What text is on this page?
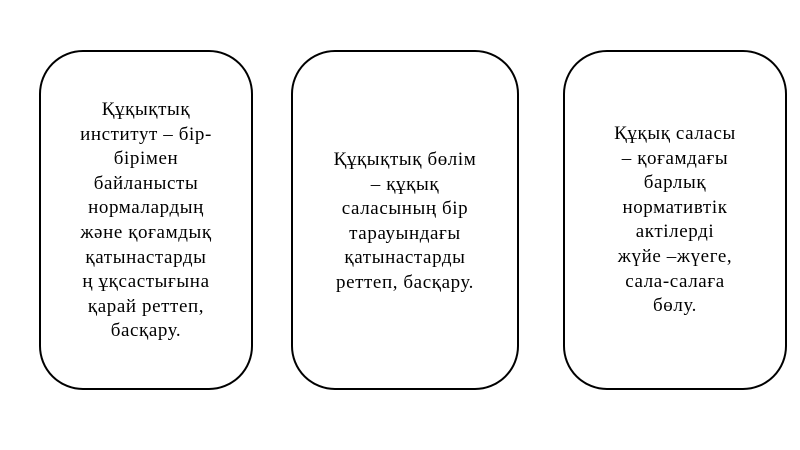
Құқықтық
институт – бір-
бірімен
байланысты
нормалардың
және қоғамдық
қатынастарды
ң ұқсастығына
қарай реттеп,
басқару.
Құқықтық бөлім
– құқық
саласының бір
тарауындағы
қатынастарды
реттеп, басқару.
Құқық саласы
– қоғамдағы
барлық
нормативтік
актілерді
жүйе –жүеге,
сала-салаға
бөлу.
